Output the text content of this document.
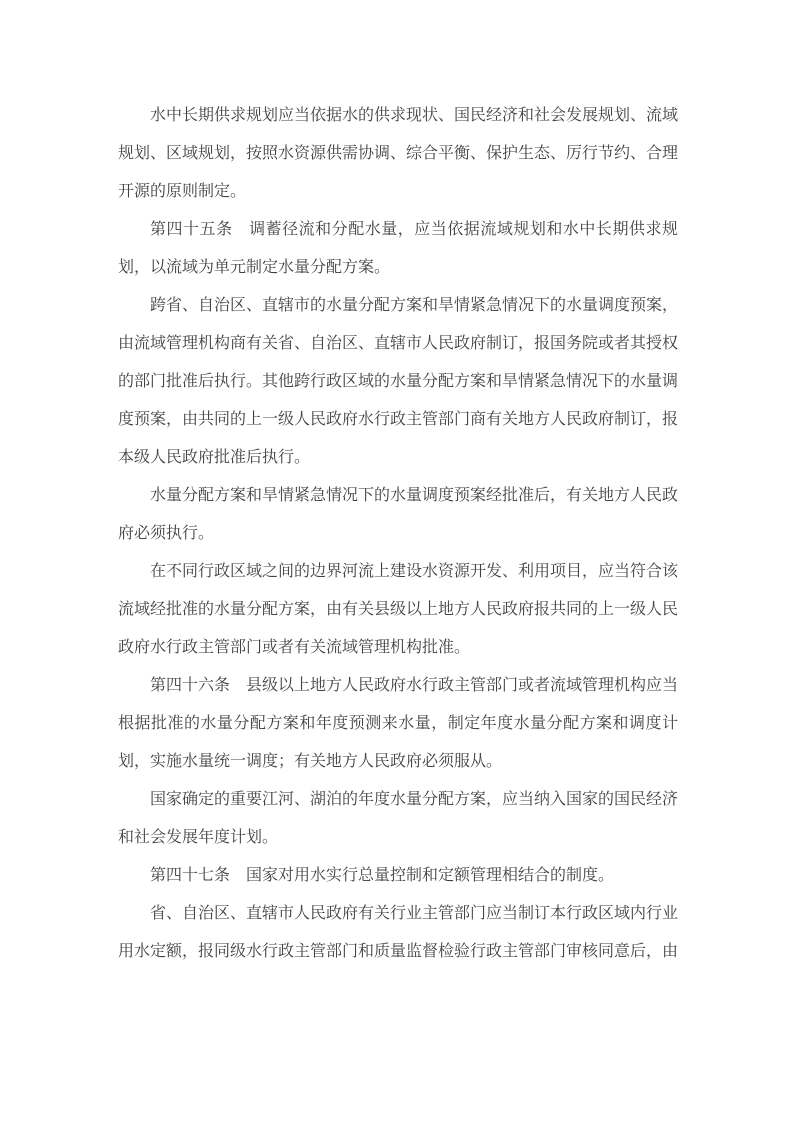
水中长期供求规划应当依据水的供求现状、国民经济和社会发展规划、流域规划、区域规划，按照水资源供需协调、综合平衡、保护生态、厉行节约、合理开源的原则制定。

第四十五条　调蓄径流和分配水量，应当依据流域规划和水中长期供求规划，以流域为单元制定水量分配方案。

跨省、自治区、直辖市的水量分配方案和旱情紧急情况下的水量调度预案，由流域管理机构商有关省、自治区、直辖市人民政府制订，报国务院或者其授权的部门批准后执行。其他跨行政区域的水量分配方案和旱情紧急情况下的水量调度预案，由共同的上一级人民政府水行政主管部门商有关地方人民政府制订，报本级人民政府批准后执行。

水量分配方案和旱情紧急情况下的水量调度预案经批准后，有关地方人民政府必须执行。

在不同行政区域之间的边界河流上建设水资源开发、利用项目，应当符合该流域经批准的水量分配方案，由有关县级以上地方人民政府报共同的上一级人民政府水行政主管部门或者有关流域管理机构批准。

第四十六条　县级以上地方人民政府水行政主管部门或者流域管理机构应当根据批准的水量分配方案和年度预测来水量，制定年度水量分配方案和调度计划，实施水量统一调度；有关地方人民政府必须服从。

国家确定的重要江河、湖泊的年度水量分配方案，应当纳入国家的国民经济和社会发展年度计划。

第四十七条　国家对用水实行总量控制和定额管理相结合的制度。

省、自治区、直辖市人民政府有关行业主管部门应当制订本行政区域内行业用水定额，报同级水行政主管部门和质量监督检验行政主管部门审核同意后，由
